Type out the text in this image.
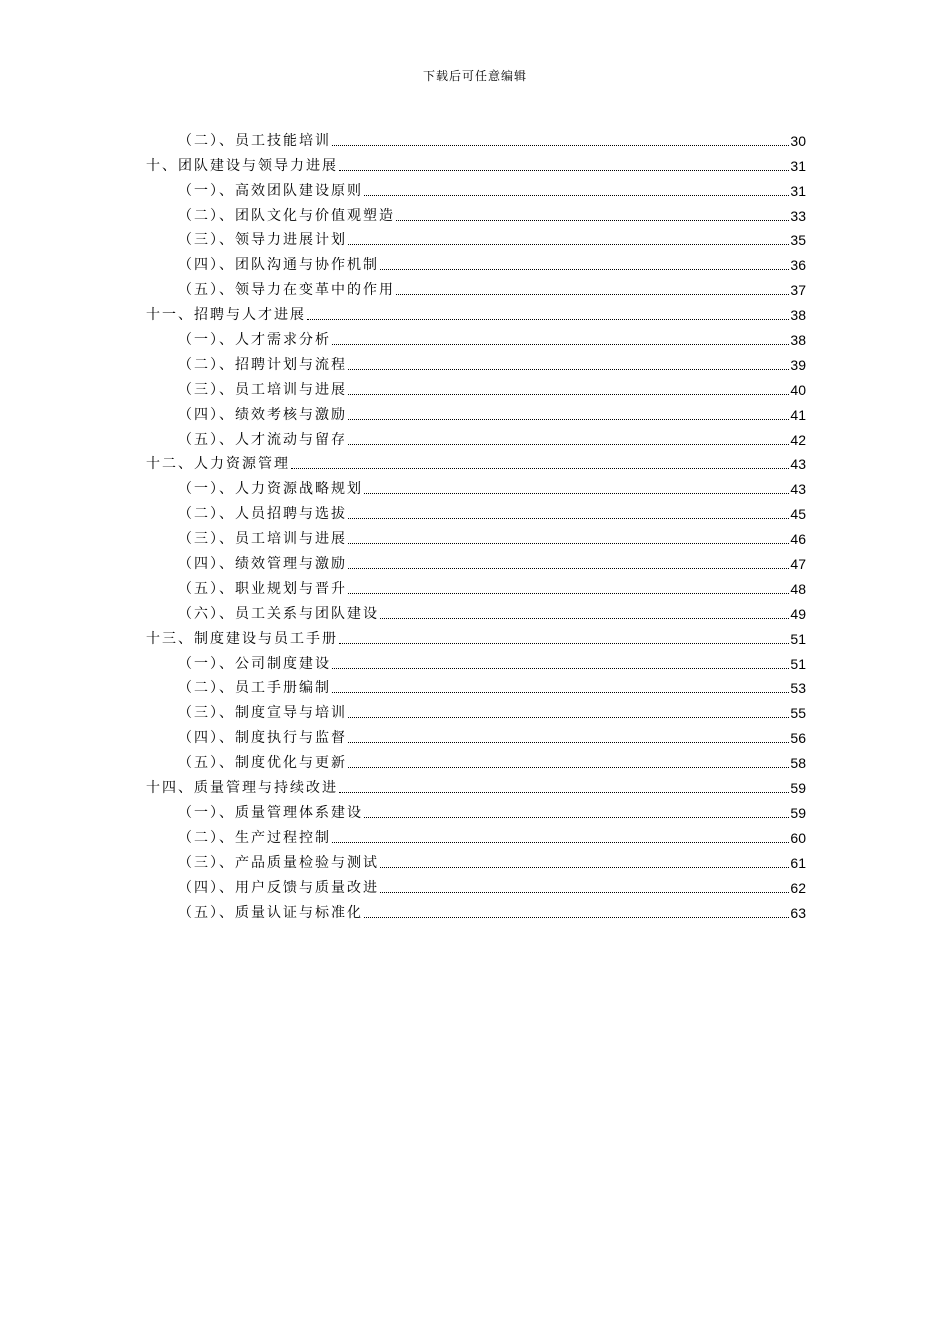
下载后可任意编辑
（二）、员工技能培训	30
十、团队建设与领导力进展	31
（一）、高效团队建设原则	31
（二）、团队文化与价值观塑造	33
（三）、领导力进展计划	35
（四）、团队沟通与协作机制	36
（五）、领导力在变革中的作用	37
十一、招聘与人才进展	38
（一）、人才需求分析	38
（二）、招聘计划与流程	39
（三）、员工培训与进展	40
（四）、绩效考核与激励	41
（五）、人才流动与留存	42
十二、人力资源管理	43
（一）、人力资源战略规划	43
（二）、人员招聘与选拔	45
（三）、员工培训与进展	46
（四）、绩效管理与激励	47
（五）、职业规划与晋升	48
（六）、员工关系与团队建设	49
十三、制度建设与员工手册	51
（一）、公司制度建设	51
（二）、员工手册编制	53
（三）、制度宣导与培训	55
（四）、制度执行与监督	56
（五）、制度优化与更新	58
十四、质量管理与持续改进	59
（一）、质量管理体系建设	59
（二）、生产过程控制	60
（三）、产品质量检验与测试	61
（四）、用户反馈与质量改进	62
（五）、质量认证与标准化	63
